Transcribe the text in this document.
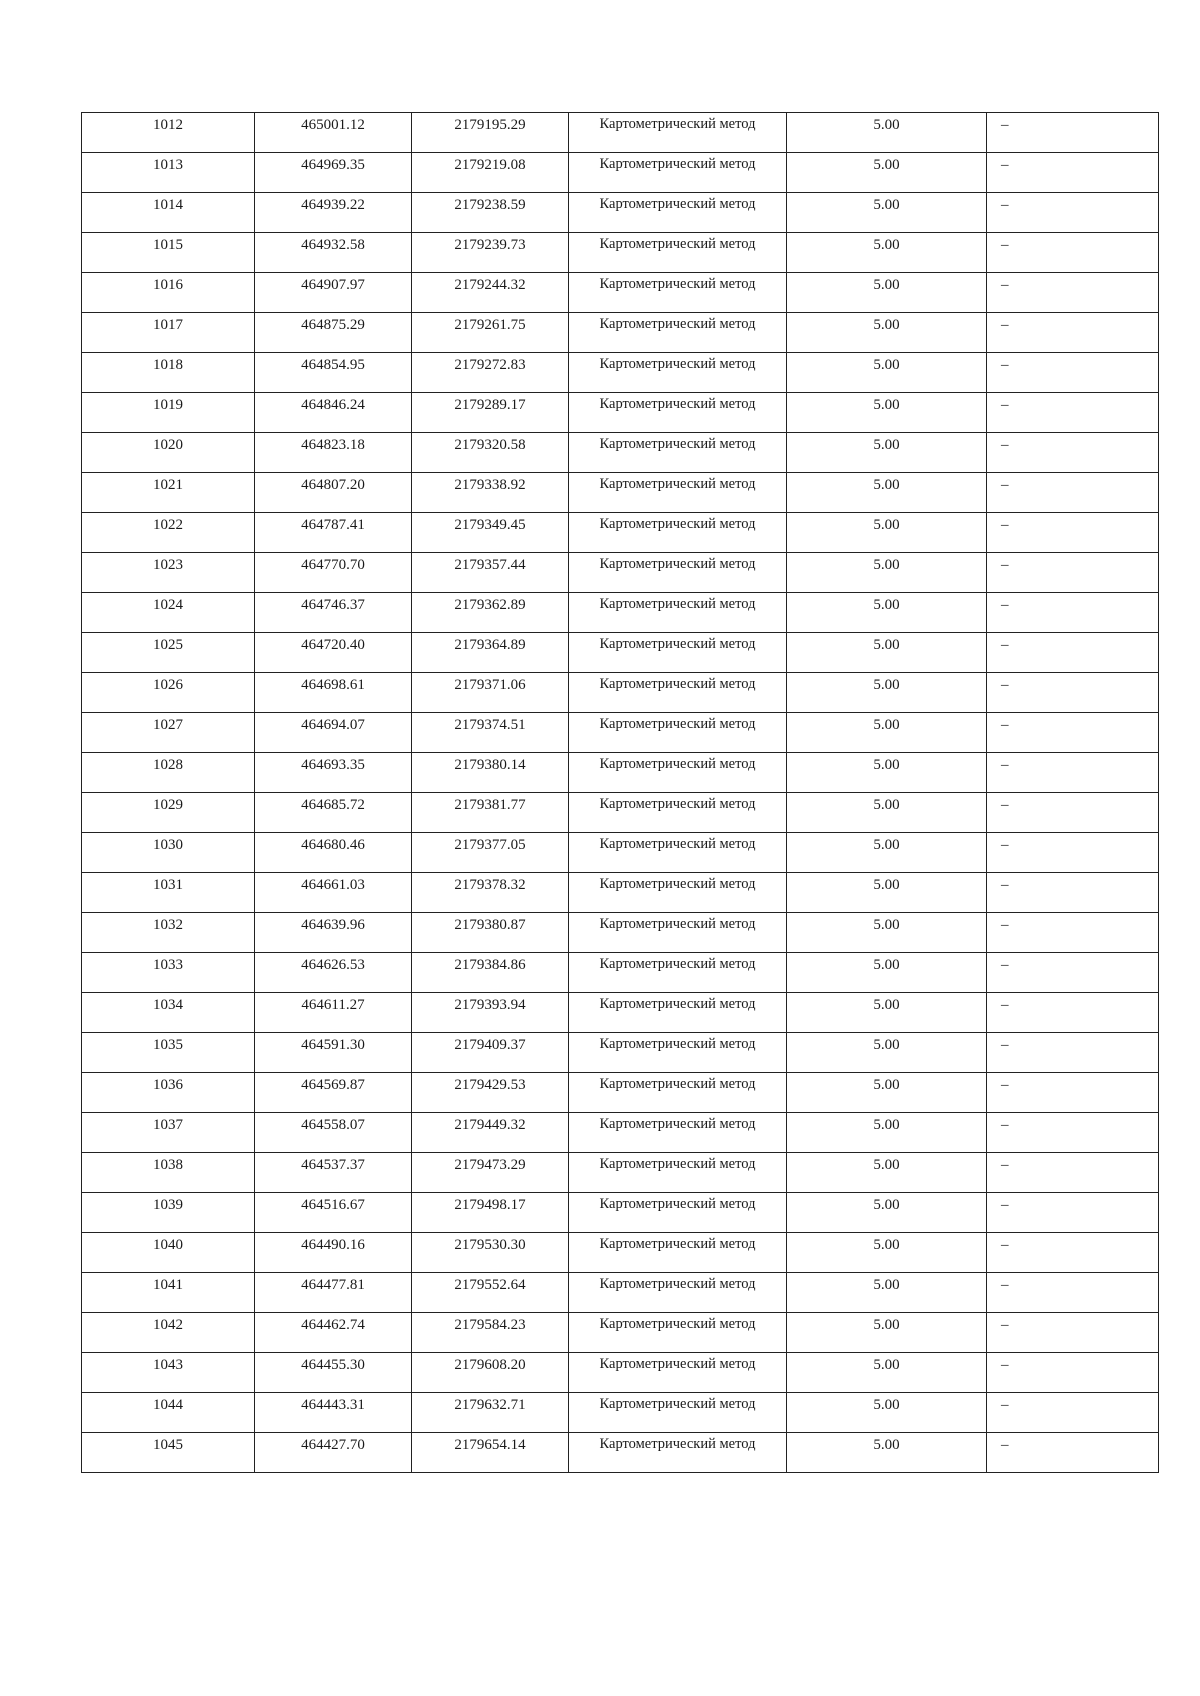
1012	465001.12	2179195.29	Картометрический метод	5.00	–
1013	464969.35	2179219.08	Картометрический метод	5.00	–
1014	464939.22	2179238.59	Картометрический метод	5.00	–
1015	464932.58	2179239.73	Картометрический метод	5.00	–
1016	464907.97	2179244.32	Картометрический метод	5.00	–
1017	464875.29	2179261.75	Картометрический метод	5.00	–
1018	464854.95	2179272.83	Картометрический метод	5.00	–
1019	464846.24	2179289.17	Картометрический метод	5.00	–
1020	464823.18	2179320.58	Картометрический метод	5.00	–
1021	464807.20	2179338.92	Картометрический метод	5.00	–
1022	464787.41	2179349.45	Картометрический метод	5.00	–
1023	464770.70	2179357.44	Картометрический метод	5.00	–
1024	464746.37	2179362.89	Картометрический метод	5.00	–
1025	464720.40	2179364.89	Картометрический метод	5.00	–
1026	464698.61	2179371.06	Картометрический метод	5.00	–
1027	464694.07	2179374.51	Картометрический метод	5.00	–
1028	464693.35	2179380.14	Картометрический метод	5.00	–
1029	464685.72	2179381.77	Картометрический метод	5.00	–
1030	464680.46	2179377.05	Картометрический метод	5.00	–
1031	464661.03	2179378.32	Картометрический метод	5.00	–
1032	464639.96	2179380.87	Картометрический метод	5.00	–
1033	464626.53	2179384.86	Картометрический метод	5.00	–
1034	464611.27	2179393.94	Картометрический метод	5.00	–
1035	464591.30	2179409.37	Картометрический метод	5.00	–
1036	464569.87	2179429.53	Картометрический метод	5.00	–
1037	464558.07	2179449.32	Картометрический метод	5.00	–
1038	464537.37	2179473.29	Картометрический метод	5.00	–
1039	464516.67	2179498.17	Картометрический метод	5.00	–
1040	464490.16	2179530.30	Картометрический метод	5.00	–
1041	464477.81	2179552.64	Картометрический метод	5.00	–
1042	464462.74	2179584.23	Картометрический метод	5.00	–
1043	464455.30	2179608.20	Картометрический метод	5.00	–
1044	464443.31	2179632.71	Картометрический метод	5.00	–
1045	464427.70	2179654.14	Картометрический метод	5.00	–
